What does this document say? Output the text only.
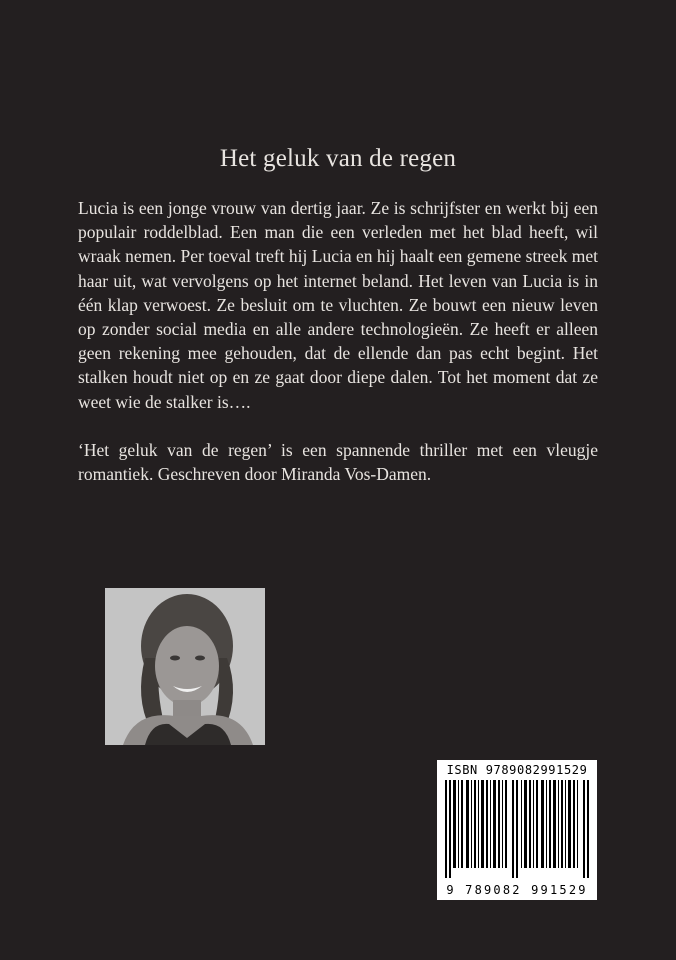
Het geluk van de regen

Lucia is een jonge vrouw van dertig jaar. Ze is schrijfster en werkt bij een populair roddelblad. Een man die een verleden met het blad heeft, wil wraak nemen. Per toeval treft hij Lucia en hij haalt een gemene streek met haar uit, wat vervolgens op het internet beland. Het leven van Lucia is in één klap verwoest. Ze besluit om te vluchten. Ze bouwt een nieuw leven op zonder social media en alle andere technologieën. Ze heeft er alleen geen rekening mee gehouden, dat de ellende dan pas echt begint. Het stalken houdt niet op en ze gaat door diepe dalen. Tot het moment dat ze weet wie de stalker is….

‘Het geluk van de regen’ is een spannende thriller met een vleugje romantiek. Geschreven door Miranda Vos-Damen.

ISBN 9789082991529
9 789082 991529
